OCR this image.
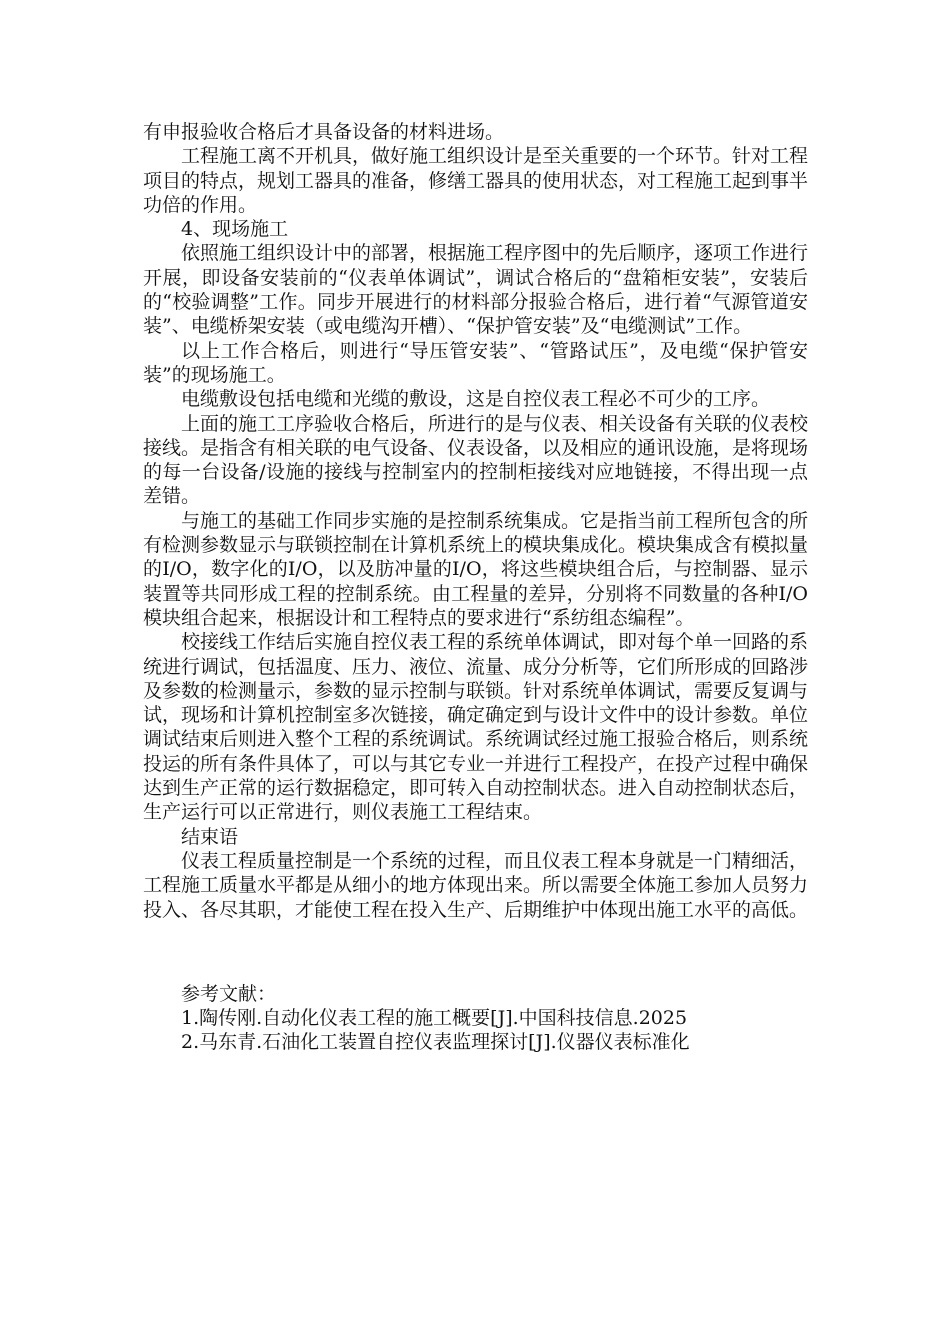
有申报验收合格后才具备设备的材料进场。

工程施工离不开机具，做好施工组织设计是至关重要的一个环节。针对工程项目的特点，规划工器具的准备，修缮工器具的使用状态，对工程施工起到事半功倍的作用。

4、现场施工

依照施工组织设计中的部署，根据施工程序图中的先后顺序，逐项工作进行开展，即设备安装前的“仪表单体调试”，调试合格后的“盘箱柜安装”，安装后的“校验调整”工作。同步开展进行的材料部分报验合格后，进行着“气源管道安装”、电缆桥架安装（或电缆沟开槽）、“保护管安装”及“电缆测试”工作。

以上工作合格后，则进行“导压管安装”、“管路试压”，及电缆“保护管安装”的现场施工。

电缆敷设包括电缆和光缆的敷设，这是自控仪表工程必不可少的工序。

上面的施工工序验收合格后，所进行的是与仪表、相关设备有关联的仪表校接线。是指含有相关联的电气设备、仪表设备，以及相应的通讯设施，是将现场的每一台设备/设施的接线与控制室内的控制柜接线对应地链接，不得出现一点差错。

与施工的基础工作同步实施的是控制系统集成。它是指当前工程所包含的所有检测参数显示与联锁控制在计算机系统上的模块集成化。模块集成含有模拟量的I/O，数字化的I/O，以及肪冲量的I/O，将这些模块组合后，与控制器、显示装置等共同形成工程的控制系统。由工程量的差异，分别将不同数量的各种I/O模块组合起来，根据设计和工程特点的要求进行“系纺组态编程”。

校接线工作结后实施自控仪表工程的系统单体调试，即对每个单一回路的系统进行调试，包括温度、压力、液位、流量、成分分析等，它们所形成的回路涉及参数的检测量示，参数的显示控制与联锁。针对系统单体调试，需要反复调与试，现场和计算机控制室多次链接，确定确定到与设计文件中的设计参数。单位调试结束后则进入整个工程的系统调试。系统调试经过施工报验合格后，则系统投运的所有条件具体了，可以与其它专业一并进行工程投产，在投产过程中确保达到生产正常的运行数据稳定，即可转入自动控制状态。进入自动控制状态后，生产运行可以正常进行，则仪表施工工程结束。

结束语

仪表工程质量控制是一个系统的过程，而且仪表工程本身就是一门精细活，工程施工质量水平都是从细小的地方体现出来。所以需要全体施工参加人员努力投入、各尽其职，才能使工程在投入生产、后期维护中体现出施工水平的高低。

参考文献：

1.陶传刚.自动化仪表工程的施工概要[J].中国科技信息.2025

2.马东青.石油化工装置自控仪表监理探讨[J].仪器仪表标准化
